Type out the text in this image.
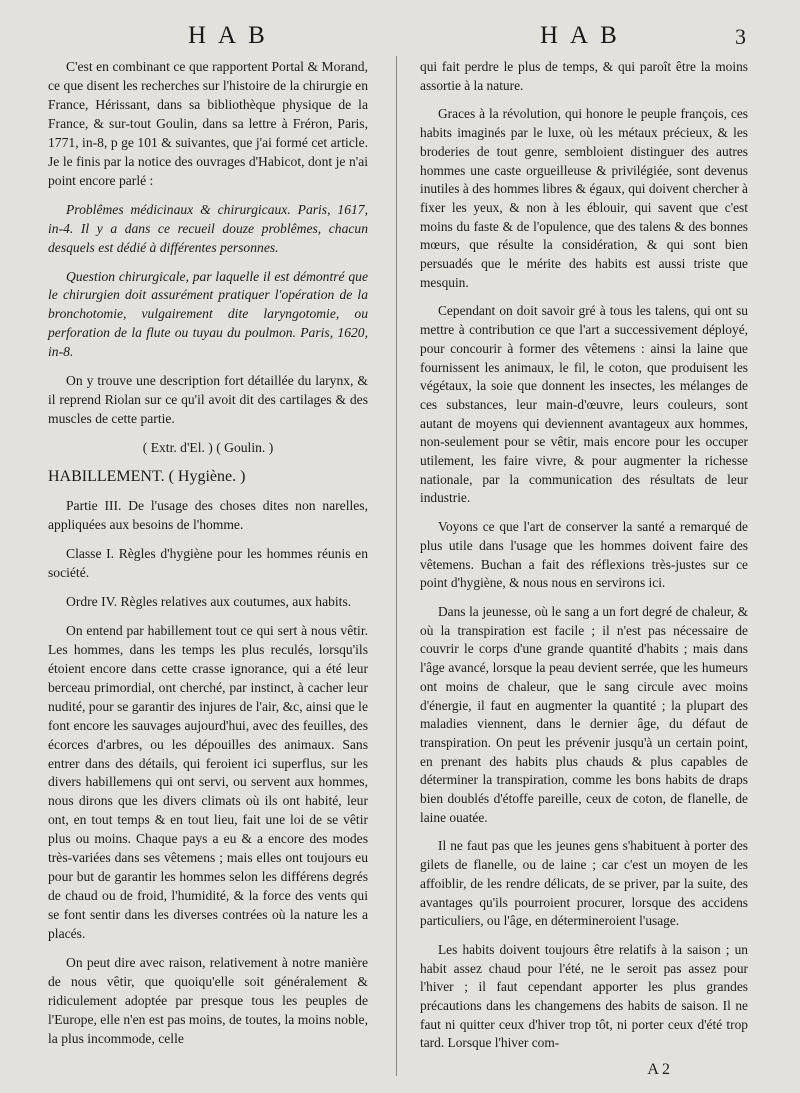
HAB	HAB	3

C'est en combinant ce que rapportent Portal & Morand, ce que disent les recherches sur l'histoire de la chirurgie en France, Hérissant, dans sa bibliothèque physique de la France, & sur-tout Goulin, dans sa lettre à Fréron, Paris, 1771, in-8, p ge 101 & suivantes, que j'ai formé cet article. Je le finis par la notice des ouvrages d'Habicot, dont je n'ai point encore parlé :

Problêmes médicinaux & chirurgicaux. Paris, 1617, in-4. Il y a dans ce recueil douze problêmes, chacun desquels est dédié à différentes personnes.

Question chirurgicale, par laquelle il est démontré que le chirurgien doit assurément pratiquer l'opération de la bronchotomie, vulgairement dite laryngotomie, ou perforation de la flute ou tuyau du poulmon. Paris, 1620, in-8.

On y trouve une description fort détaillée du larynx, & il reprend Riolan sur ce qu'il avoit dit des cartilages & des muscles de cette partie.

( Extr. d'El. ) ( Goulin. )

HABILLEMENT. ( Hygiène. )

Partie III. De l'usage des choses dites non narelles, appliquées aux besoins de l'homme.

Classe I. Règles d'hygiène pour les hommes réunis en société.

Ordre IV. Règles relatives aux coutumes, aux habits.

On entend par habillement tout ce qui sert à nous vêtir. Les hommes, dans les temps les plus reculés, lorsqu'ils étoient encore dans cette crasse ignorance, qui a été leur berceau primordial, ont cherché, par instinct, à cacher leur nudité, pour se garantir des injures de l'air, &c, ainsi que le font encore les sauvages aujourd'hui, avec des feuilles, des écorces d'arbres, ou les dépouilles des animaux. Sans entrer dans des détails, qui feroient ici superflus, sur les divers habillemens qui ont servi, ou servent aux hommes, nous dirons que les divers climats où ils ont habité, leur ont, en tout temps & en tout lieu, fait une loi de se vêtir plus ou moins. Chaque pays a eu & a encore des modes très-variées dans ses vêtemens ; mais elles ont toujours eu pour but de garantir les hommes selon les différens degrés de chaud ou de froid, l'humidité, & la force des vents qui se font sentir dans les diverses contrées où la nature les a placés.

On peut dire avec raison, relativement à notre manière de nous vêtir, que quoiqu'elle soit généralement & ridiculement adoptée par presque tous les peuples de l'Europe, elle n'en est pas moins, de toutes, la moins noble, la plus incommode, celle

qui fait perdre le plus de temps, & qui paroît être la moins assortie à la nature.

Graces à la révolution, qui honore le peuple françois, ces habits imaginés par le luxe, où les métaux précieux, & les broderies de tout genre, sembloient distinguer des autres hommes une caste orgueilleuse & privilégiée, sont devenus inutiles à des hommes libres & égaux, qui doivent chercher à fixer les yeux, & non à les éblouir, qui savent que c'est moins du faste & de l'opulence, que des talens & des bonnes mœurs, que résulte la considération, & qui sont bien persuadés que le mérite des habits est aussi triste que mesquin.

Cependant on doit savoir gré à tous les talens, qui ont su mettre à contribution ce que l'art a successivement déployé, pour concourir à former des vêtemens : ainsi la laine que fournissent les animaux, le fil, le coton, que produisent les végétaux, la soie que donnent les insectes, les mélanges de ces substances, leur main-d'œuvre, leurs couleurs, sont autant de moyens qui deviennent avantageux aux hommes, non-seulement pour se vêtir, mais encore pour les occuper utilement, les faire vivre, & pour augmenter la richesse nationale, par la communication des résultats de leur industrie.

Voyons ce que l'art de conserver la santé a remarqué de plus utile dans l'usage que les hommes doivent faire des vêtemens. Buchan a fait des réflexions très-justes sur ce point d'hygiène, & nous nous en servirons ici.

Dans la jeunesse, où le sang a un fort degré de chaleur, & où la transpiration est facile ; il n'est pas nécessaire de couvrir le corps d'une grande quantité d'habits ; mais dans l'âge avancé, lorsque la peau devient serrée, que les humeurs ont moins de chaleur, que le sang circule avec moins d'énergie, il faut en augmenter la quantité ; la plupart des maladies viennent, dans le dernier âge, du défaut de transpiration. On peut les prévenir jusqu'à un certain point, en prenant des habits plus chauds & plus capables de déterminer la transpiration, comme les bons habits de draps bien doublés d'étoffe pareille, ceux de coton, de flanelle, de laine ouatée.

Il ne faut pas que les jeunes gens s'habituent à porter des gilets de flanelle, ou de laine ; car c'est un moyen de les affoiblir, de les rendre délicats, de se priver, par la suite, des avantages qu'ils pourroient procurer, lorsque des accidens particuliers, ou l'âge, en détermineroient l'usage.

Les habits doivent toujours être relatifs à la saison ; un habit assez chaud pour l'été, ne le seroit pas assez pour l'hiver ; il faut cependant apporter les plus grandes précautions dans les changemens des habits de saison. Il ne faut ni quitter ceux d'hiver trop tôt, ni porter ceux d'été trop tard. Lorsque l'hiver com-

A 2
